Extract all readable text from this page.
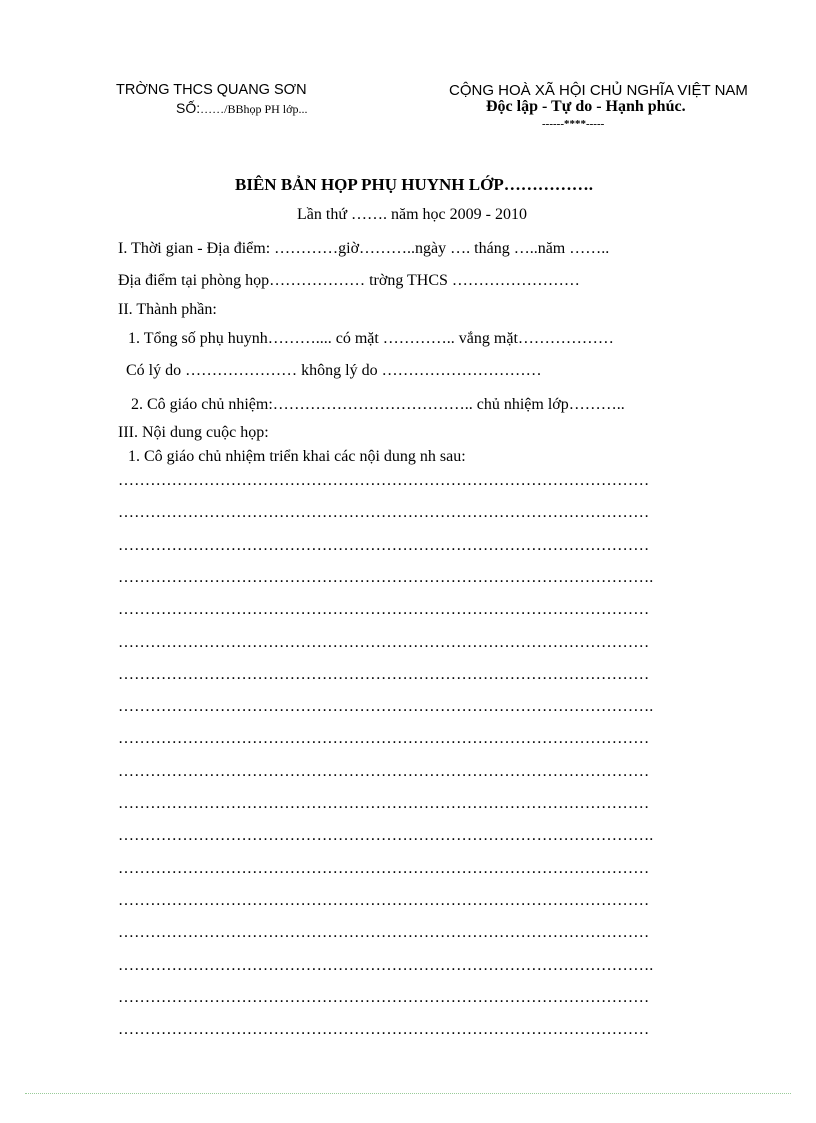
TRỜNG THCS QUANG SƠN
SỐ:……/BBhọp PH lớp...
CỘNG HOÀ XÃ HỘI CHỦ NGHĨA VIỆT NAM
Độc lập - Tự do - Hạnh phúc.
------****-----
BIÊN BẢN HỌP PHỤ HUYNH LỚP…………….
Lần thứ ……. năm học 2009 - 2010
I. Thời gian - Địa điểm: …………giờ………..ngày …. tháng …..năm ……..
Địa điểm tại phòng họp……………… trờng THCS ……………………
II. Thành phần:
1. Tổng số phụ huynh……….... có mặt ………….. vắng mặt………………
Có lý do ………………… không lý do …………………………
2. Cô giáo chủ nhiệm:……………………………….. chủ nhiệm lớp………..
III. Nội dung cuộc họp:
1. Cô giáo chủ nhiệm triển khai các nội dung nh sau:
………………………………………………………………………………………
………………………………………………………………………………………
………………………………………………………………………………………
……………………………………………………………………………………….
………………………………………………………………………………………
………………………………………………………………………………………
………………………………………………………………………………………
……………………………………………………………………………………….
………………………………………………………………………………………
………………………………………………………………………………………
………………………………………………………………………………………
……………………………………………………………………………………….
………………………………………………………………………………………
………………………………………………………………………………………
………………………………………………………………………………………
……………………………………………………………………………………….
………………………………………………………………………………………
………………………………………………………………………………………
